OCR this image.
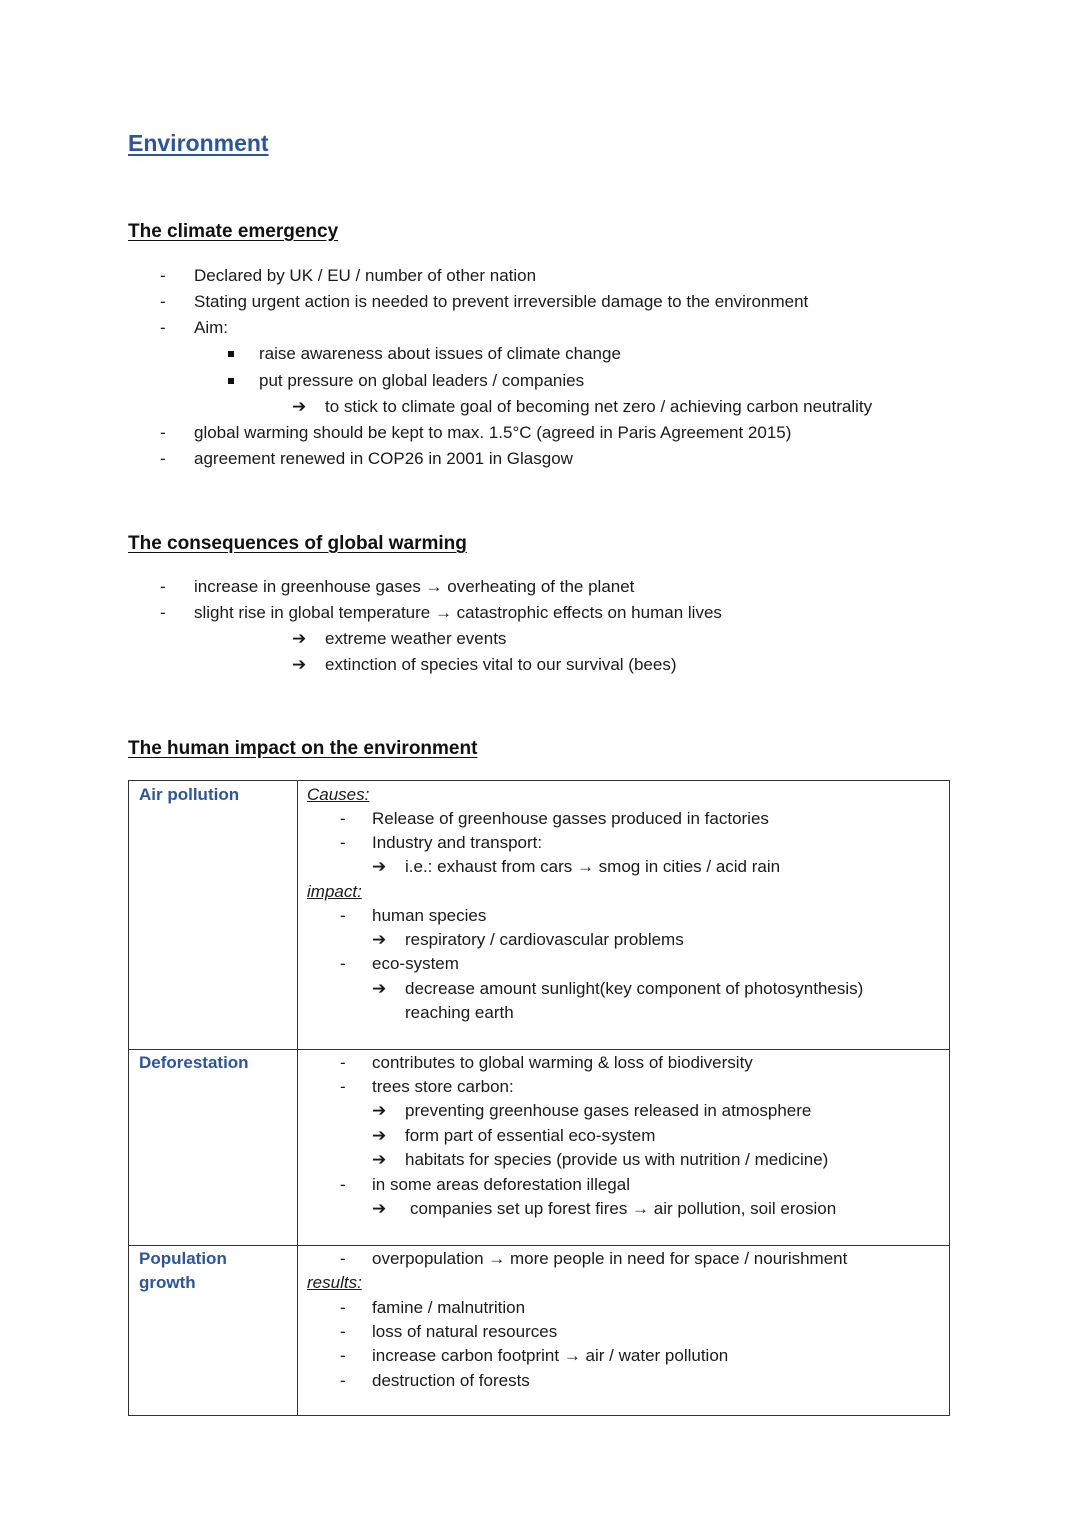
Environment
The climate emergency
- Declared by UK / EU / number of other nation
- Stating urgent action is needed to prevent irreversible damage to the environment
- Aim:
raise awareness about issues of climate change
put pressure on global leaders / companies
➔ to stick to climate goal of becoming net zero / achieving carbon neutrality
- global warming should be kept to max. 1.5°C (agreed in Paris Agreement 2015)
- agreement renewed in COP26 in 2001 in Glasgow
The consequences of global warming
- increase in greenhouse gases → overheating of the planet
- slight rise in global temperature → catastrophic effects on human lives
➔ extreme weather events
➔ extinction of species vital to our survival (bees)
The human impact on the environment
Air pollution	Causes:
- Release of greenhouse gasses produced in factories
- Industry and transport:
➔ i.e.: exhaust from cars → smog in cities / acid rain
impact:
- human species
➔ respiratory / cardiovascular problems
- eco-system
➔ decrease amount sunlight(key component of photosynthesis)
reaching earth
Deforestation	- contributes to global warming & loss of biodiversity
- trees store carbon:
➔ preventing greenhouse gases released in atmosphere
➔ form part of essential eco-system
➔ habitats for species (provide us with nutrition / medicine)
- in some areas deforestation illegal
➔ companies set up forest fires → air pollution, soil erosion
Population
growth
- overpopulation → more people in need for space / nourishment
results:
- famine / malnutrition
- loss of natural resources
- increase carbon footprint → air / water pollution
- destruction of forests
